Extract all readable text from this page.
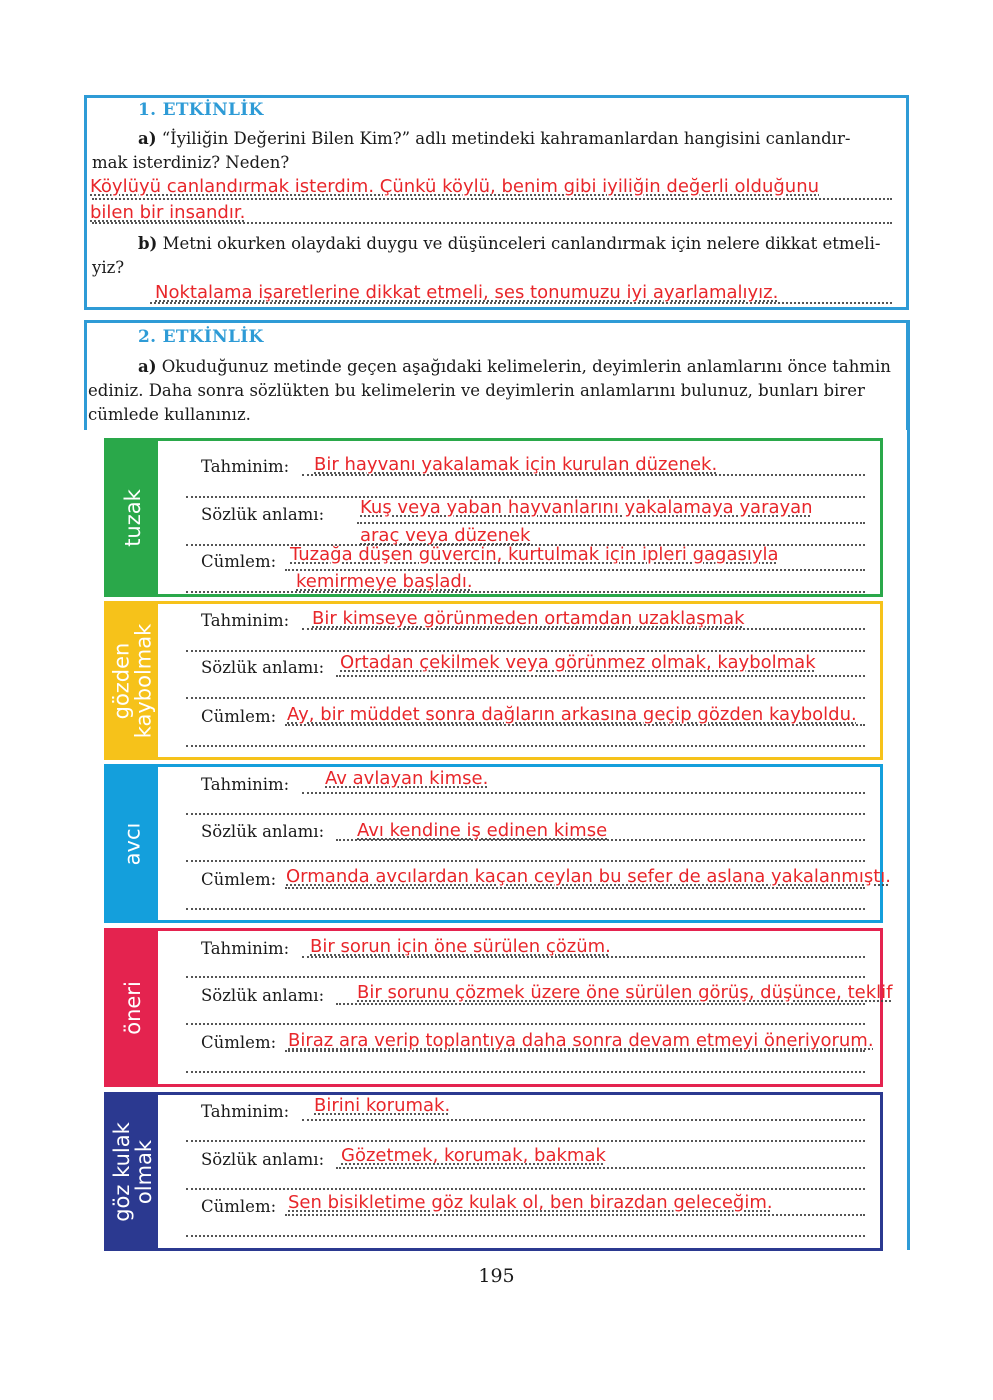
1. ETKİNLİK
a) “İyiliğin Değerini Bilen Kim?” adlı metindeki kahramanlardan hangisini canlandır-
mak isterdiniz? Neden?
Köylüyü canlandırmak isterdim. Çünkü köylü, benim gibi iyiliğin değerli olduğunu
bilen bir insandır.
b) Metni okurken olaydaki duygu ve düşünceleri canlandırmak için nelere dikkat etmeli-
yiz?
Noktalama işaretlerine dikkat etmeli, ses tonumuzu iyi ayarlamalıyız.
2. ETKİNLİK
a) Okuduğunuz metinde geçen aşağıdaki kelimelerin, deyimlerin anlamlarını önce tahmin
ediniz. Daha sonra sözlükten bu kelimelerin ve deyimlerin anlamlarını bulunuz, bunları birer
cümlede kullanınız.
tuzak
Tahminim: Bir hayvanı yakalamak için kurulan düzenek.
Sözlük anlamı: Kuş veya yaban hayvanlarını yakalamaya yarayan
araç veya düzenek
Cümlem: Tuzağa düşen güvercin, kurtulmak için ipleri gagasıyla
kemirmeye başladı.
gözden
kaybolmak
Tahminim: Bir kimseye görünmeden ortamdan uzaklaşmak
Sözlük anlamı: Ortadan çekilmek veya görünmez olmak, kaybolmak
Cümlem: Ay, bir müddet sonra dağların arkasına geçip gözden kayboldu.
avcı
Tahminim: Av avlayan kimse.
Sözlük anlamı: Avı kendine iş edinen kimse
Cümlem: Ormanda avcılardan kaçan ceylan bu sefer de aslana yakalanmıştı.
öneri
Tahminim: Bir sorun için öne sürülen çözüm.
Sözlük anlamı: Bir sorunu çözmek üzere öne sürülen görüş, düşünce, teklif
Cümlem: Biraz ara verip toplantıya daha sonra devam etmeyi öneriyorum.
göz kulak
olmak
Tahminim: Birini korumak.
Sözlük anlamı: Gözetmek, korumak, bakmak
Cümlem: Sen bisikletime göz kulak ol, ben birazdan geleceğim.
195
